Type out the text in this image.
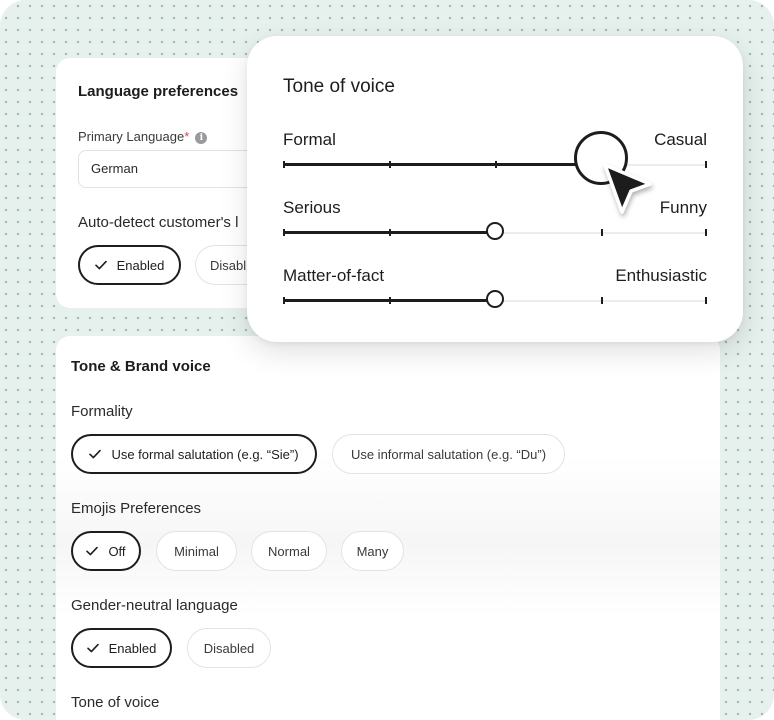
Language preferences
Primary Language* i
German
Auto-detect customer's l
Enabled	Disabl
Tone & Brand voice
Formality
Use formal salutation (e.g. “Sie”)	Use informal salutation (e.g. “Du”)
Emojis Preferences
Off	Minimal	Normal	Many
Gender-neutral language
Enabled	Disabled
Tone of voice
Tone of voice
Formal	Casual
Serious	Funny
Matter-of-fact	Enthusiastic
